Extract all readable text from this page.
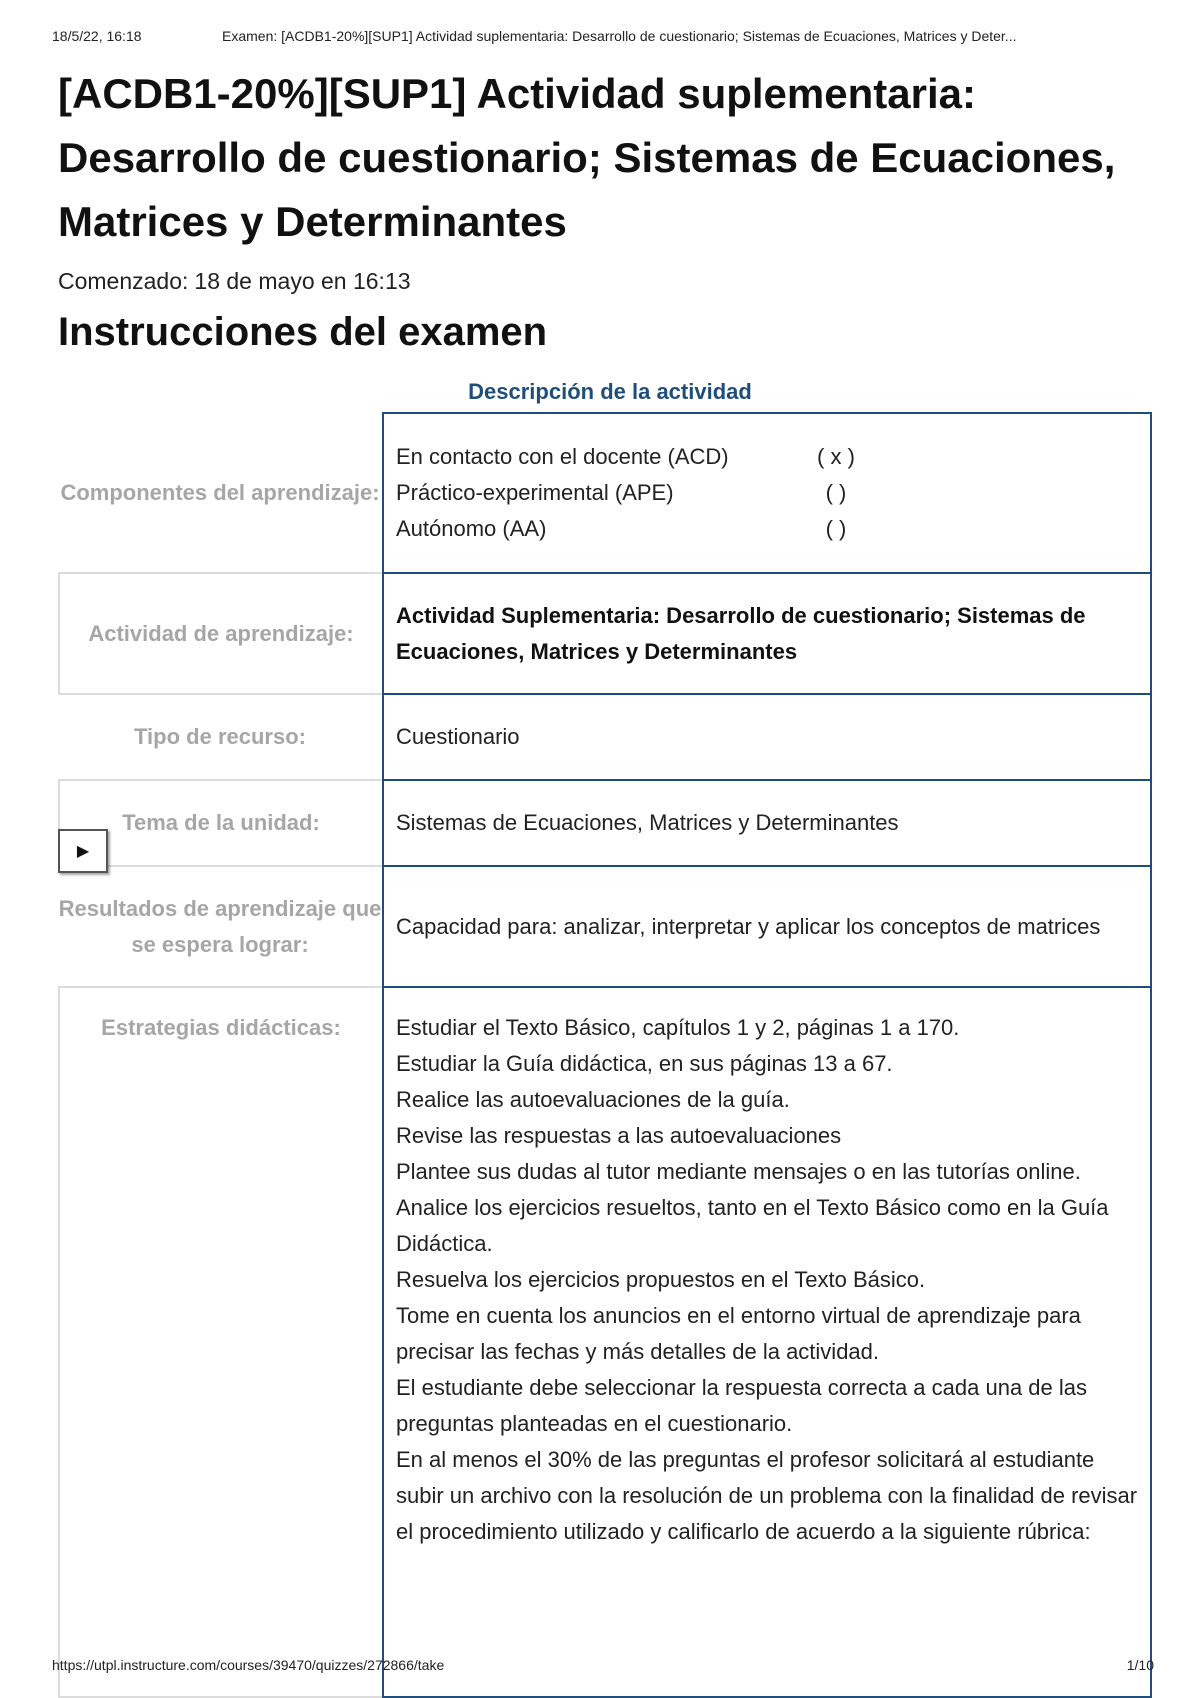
18/5/22, 16:18	Examen: [ACDB1-20%][SUP1] Actividad suplementaria: Desarrollo de cuestionario; Sistemas de Ecuaciones, Matrices y Deter...
[ACDB1-20%][SUP1] Actividad suplementaria: Desarrollo de cuestionario; Sistemas de Ecuaciones, Matrices y Determinantes
Comenzado: 18 de mayo en 16:13
Instrucciones del examen
Descripción de la actividad
Componentes del aprendizaje:
En contacto con el docente (ACD)	( x )
Práctico-experimental (APE)	( )
Autónomo (AA)	( )
Actividad de aprendizaje:
Actividad Suplementaria: Desarrollo de cuestionario; Sistemas de Ecuaciones, Matrices y Determinantes
Tipo de recurso:	Cuestionario
Tema de la unidad:	Sistemas de Ecuaciones, Matrices y Determinantes
Resultados de aprendizaje que se espera lograr:
Capacidad para: analizar, interpretar y aplicar los conceptos de matrices
Estrategias didácticas:	Estudiar el Texto Básico, capítulos 1 y 2, páginas 1 a 170.
Estudiar la Guía didáctica, en sus páginas 13 a 67.
Realice las autoevaluaciones de la guía.
Revise las respuestas a las autoevaluaciones
Plantee sus dudas al tutor mediante mensajes o en las tutorías online.
Analice los ejercicios resueltos, tanto en el Texto Básico como en la Guía Didáctica.
Resuelva los ejercicios propuestos en el Texto Básico.
Tome en cuenta los anuncios en el entorno virtual de aprendizaje para precisar las fechas y más detalles de la actividad.
El estudiante debe seleccionar la respuesta correcta a cada una de las preguntas planteadas en el cuestionario.
En al menos el 30% de las preguntas el profesor solicitará al estudiante subir un archivo con la resolución de un problema con la finalidad de revisar el procedimiento utilizado y calificarlo de acuerdo a la siguiente rúbrica:
▶
https://utpl.instructure.com/courses/39470/quizzes/272866/take	1/10
